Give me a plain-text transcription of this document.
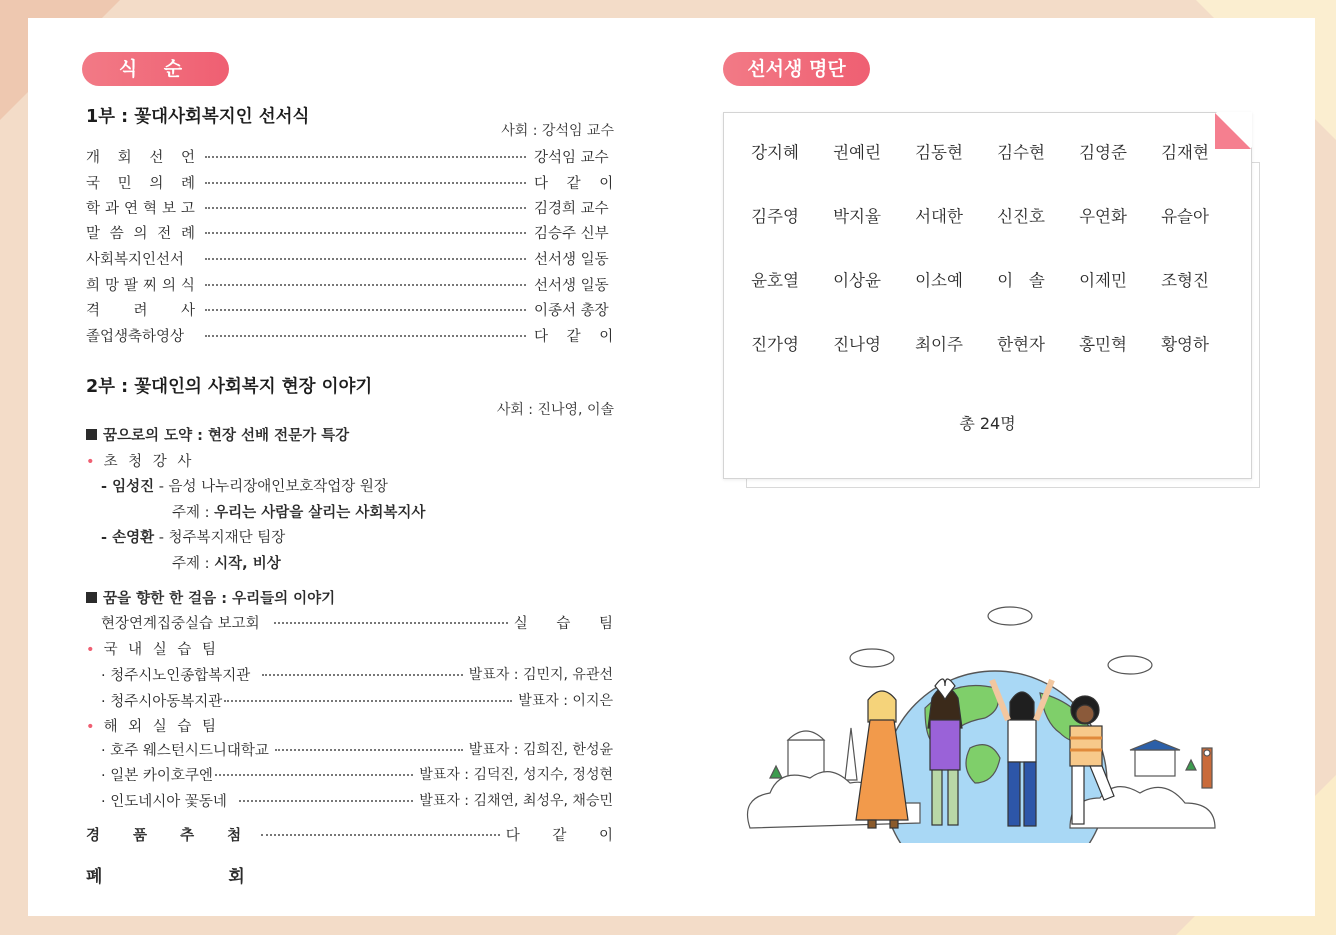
식 순
1부 : 꽃대사회복지인 선서식
사회 : 강석임 교수
개 회 선 언	강석임 교수
국 민 의 례	다 같 이
학 과 연 혁 보 고	김경희 교수
말 씀 의 전 례	김승주 신부
사회복지인선서	선서생 일동
희 망 팔 찌 의 식	선서생 일동
격 려 사	이종서 총장
졸업생축하영상	다 같 이
2부 : 꽃대인의 사회복지 현장 이야기
사회 : 진나영, 이솔
꿈으로의 도약 : 현장 선배 전문가 특강
• 초 청 강 사
- 임성진 - 음성 나누리장애인보호작업장 원장
주제 : 우리는 사람을 살리는 사회복지사
- 손영환 - 청주복지재단 팀장
주제 : 시작, 비상
꿈을 향한 한 걸음 : 우리들의 이야기
현장연계집중실습 보고회	실 습 팀
• 국 내 실 습 팀
· 청주시노인종합복지관	발표자 : 김민지, 유관선
· 청주시아동복지관	발표자 : 이지은
• 해 외 실 습 팀
· 호주 웨스턴시드니대학교	발표자 : 김희진, 한성윤
· 일본 카이호쿠엔	발표자 : 김덕진, 성지수, 정성현
· 인도네시아 꽃동네	발표자 : 김채연, 최성우, 채승민
경 품 추 첨	다 같 이
폐 회
선서생 명단
강지혜	권예린	김동현	김수현	김영준	김재현
김주영	박지율	서대한	신진호	우연화	유슬아
윤호열	이상윤	이소예	이   솔	이제민	조형진
진가영	진나영	최이주	한현자	홍민혁	황영하
총 24명
